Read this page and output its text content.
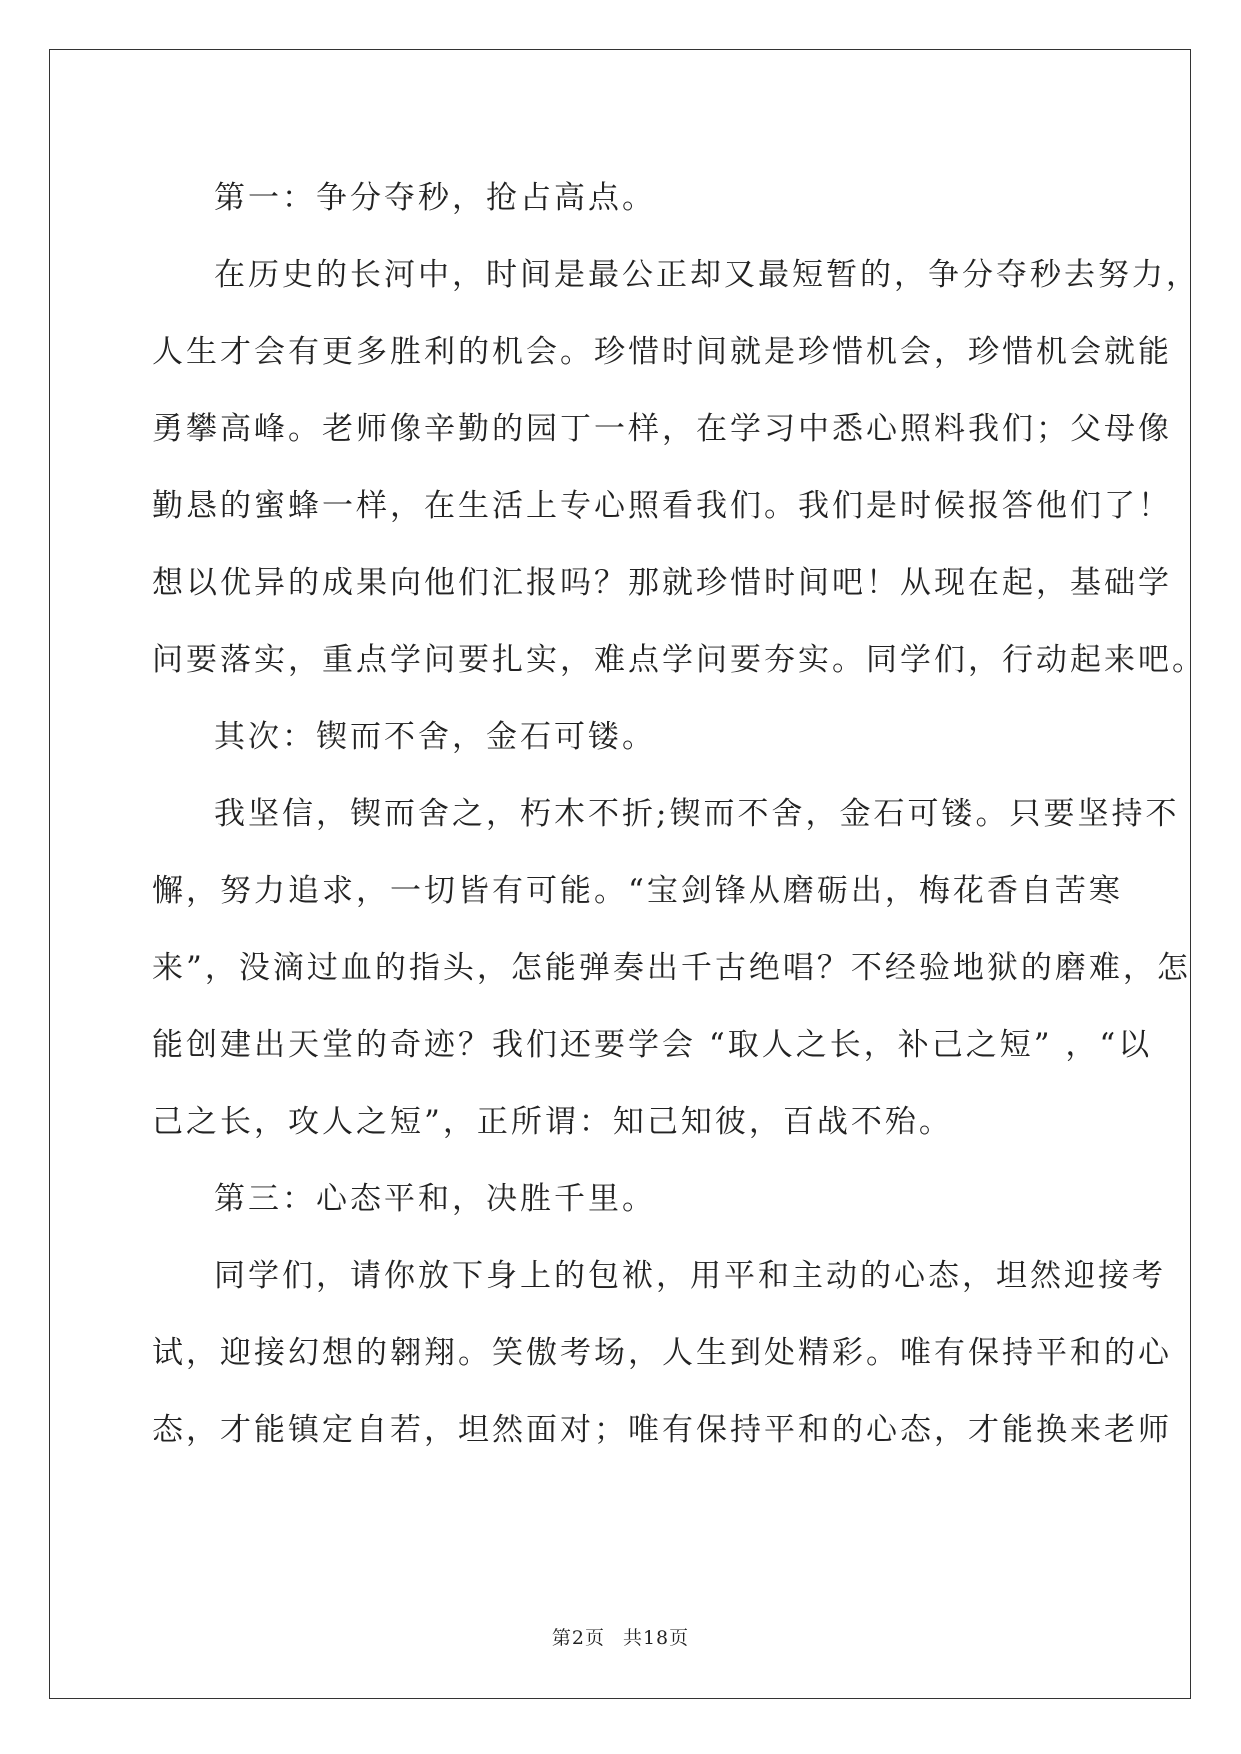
第一：争分夺秒，抢占高点。
在历史的长河中，时间是最公正却又最短暂的，争分夺秒去努力，
人生才会有更多胜利的机会。珍惜时间就是珍惜机会，珍惜机会就能
勇攀高峰。老师像辛勤的园丁一样，在学习中悉心照料我们；父母像
勤恳的蜜蜂一样，在生活上专心照看我们。我们是时候报答他们了！
想以优异的成果向他们汇报吗？那就珍惜时间吧！从现在起，基础学
问要落实，重点学问要扎实，难点学问要夯实。同学们，行动起来吧。
其次：锲而不舍，金石可镂。
我坚信，锲而舍之，朽木不折;锲而不舍，金石可镂。只要坚持不
懈，努力追求，一切皆有可能。“宝剑锋从磨砺出，梅花香自苦寒
来”，没滴过血的指头，怎能弹奏出千古绝唱？不经验地狱的磨难，怎
能创建出天堂的奇迹？我们还要学会 “取人之长，补己之短” ，“以
己之长，攻人之短”，正所谓：知己知彼，百战不殆。
第三：心态平和，决胜千里。
同学们，请你放下身上的包袱，用平和主动的心态，坦然迎接考
试，迎接幻想的翱翔。笑傲考场，人生到处精彩。唯有保持平和的心
态，才能镇定自若，坦然面对；唯有保持平和的心态，才能换来老师
第2页 共18页
